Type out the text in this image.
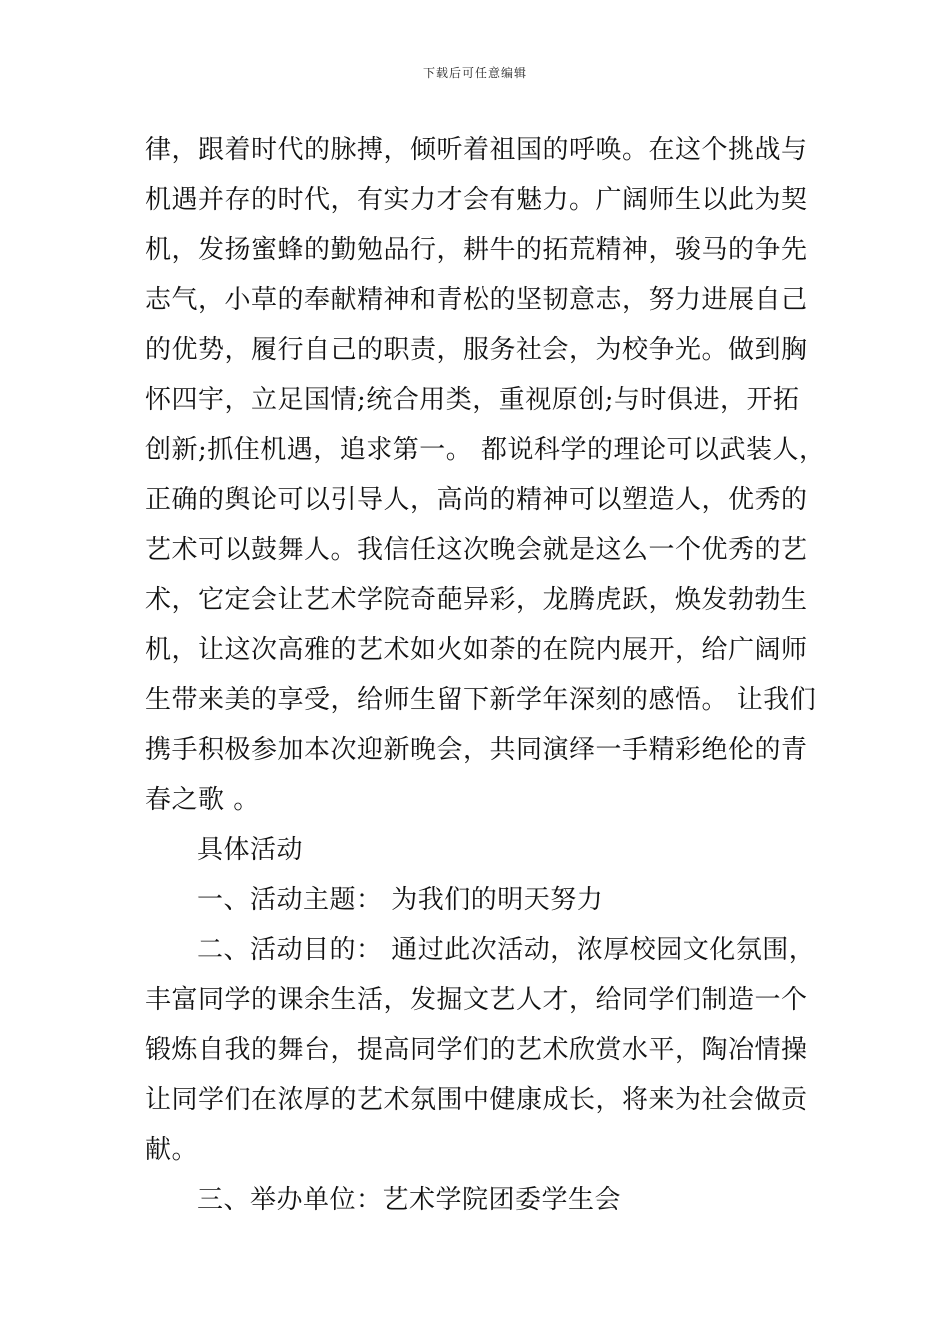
下载后可任意编辑
律，跟着时代的脉搏，倾听着祖国的呼唤。在这个挑战与
机遇并存的时代，有实力才会有魅力。广阔师生以此为契
机，发扬蜜蜂的勤勉品行，耕牛的拓荒精神，骏马的争先
志气，小草的奉献精神和青松的坚韧意志，努力进展自己
的优势，履行自己的职责，服务社会，为校争光。做到胸
怀四宇，立足国情;统合用类，重视原创;与时俱进，开拓
创新;抓住机遇，追求第一。 都说科学的理论可以武装人，
正确的舆论可以引导人，高尚的精神可以塑造人，优秀的
艺术可以鼓舞人。我信任这次晚会就是这么一个优秀的艺
术，它定会让艺术学院奇葩异彩，龙腾虎跃，焕发勃勃生
机，让这次高雅的艺术如火如荼的在院内展开，给广阔师
生带来美的享受，给师生留下新学年深刻的感悟。 让我们
携手积极参加本次迎新晚会，共同演绎一手精彩绝伦的青
春之歌 。
具体活动
一、活动主题： 为我们的明天努力
二、活动目的： 通过此次活动，浓厚校园文化氛围，
丰富同学的课余生活，发掘文艺人才，给同学们制造一个
锻炼自我的舞台，提高同学们的艺术欣赏水平，陶冶情操
让同学们在浓厚的艺术氛围中健康成长，将来为社会做贡
献。
三、举办单位：艺术学院团委学生会
